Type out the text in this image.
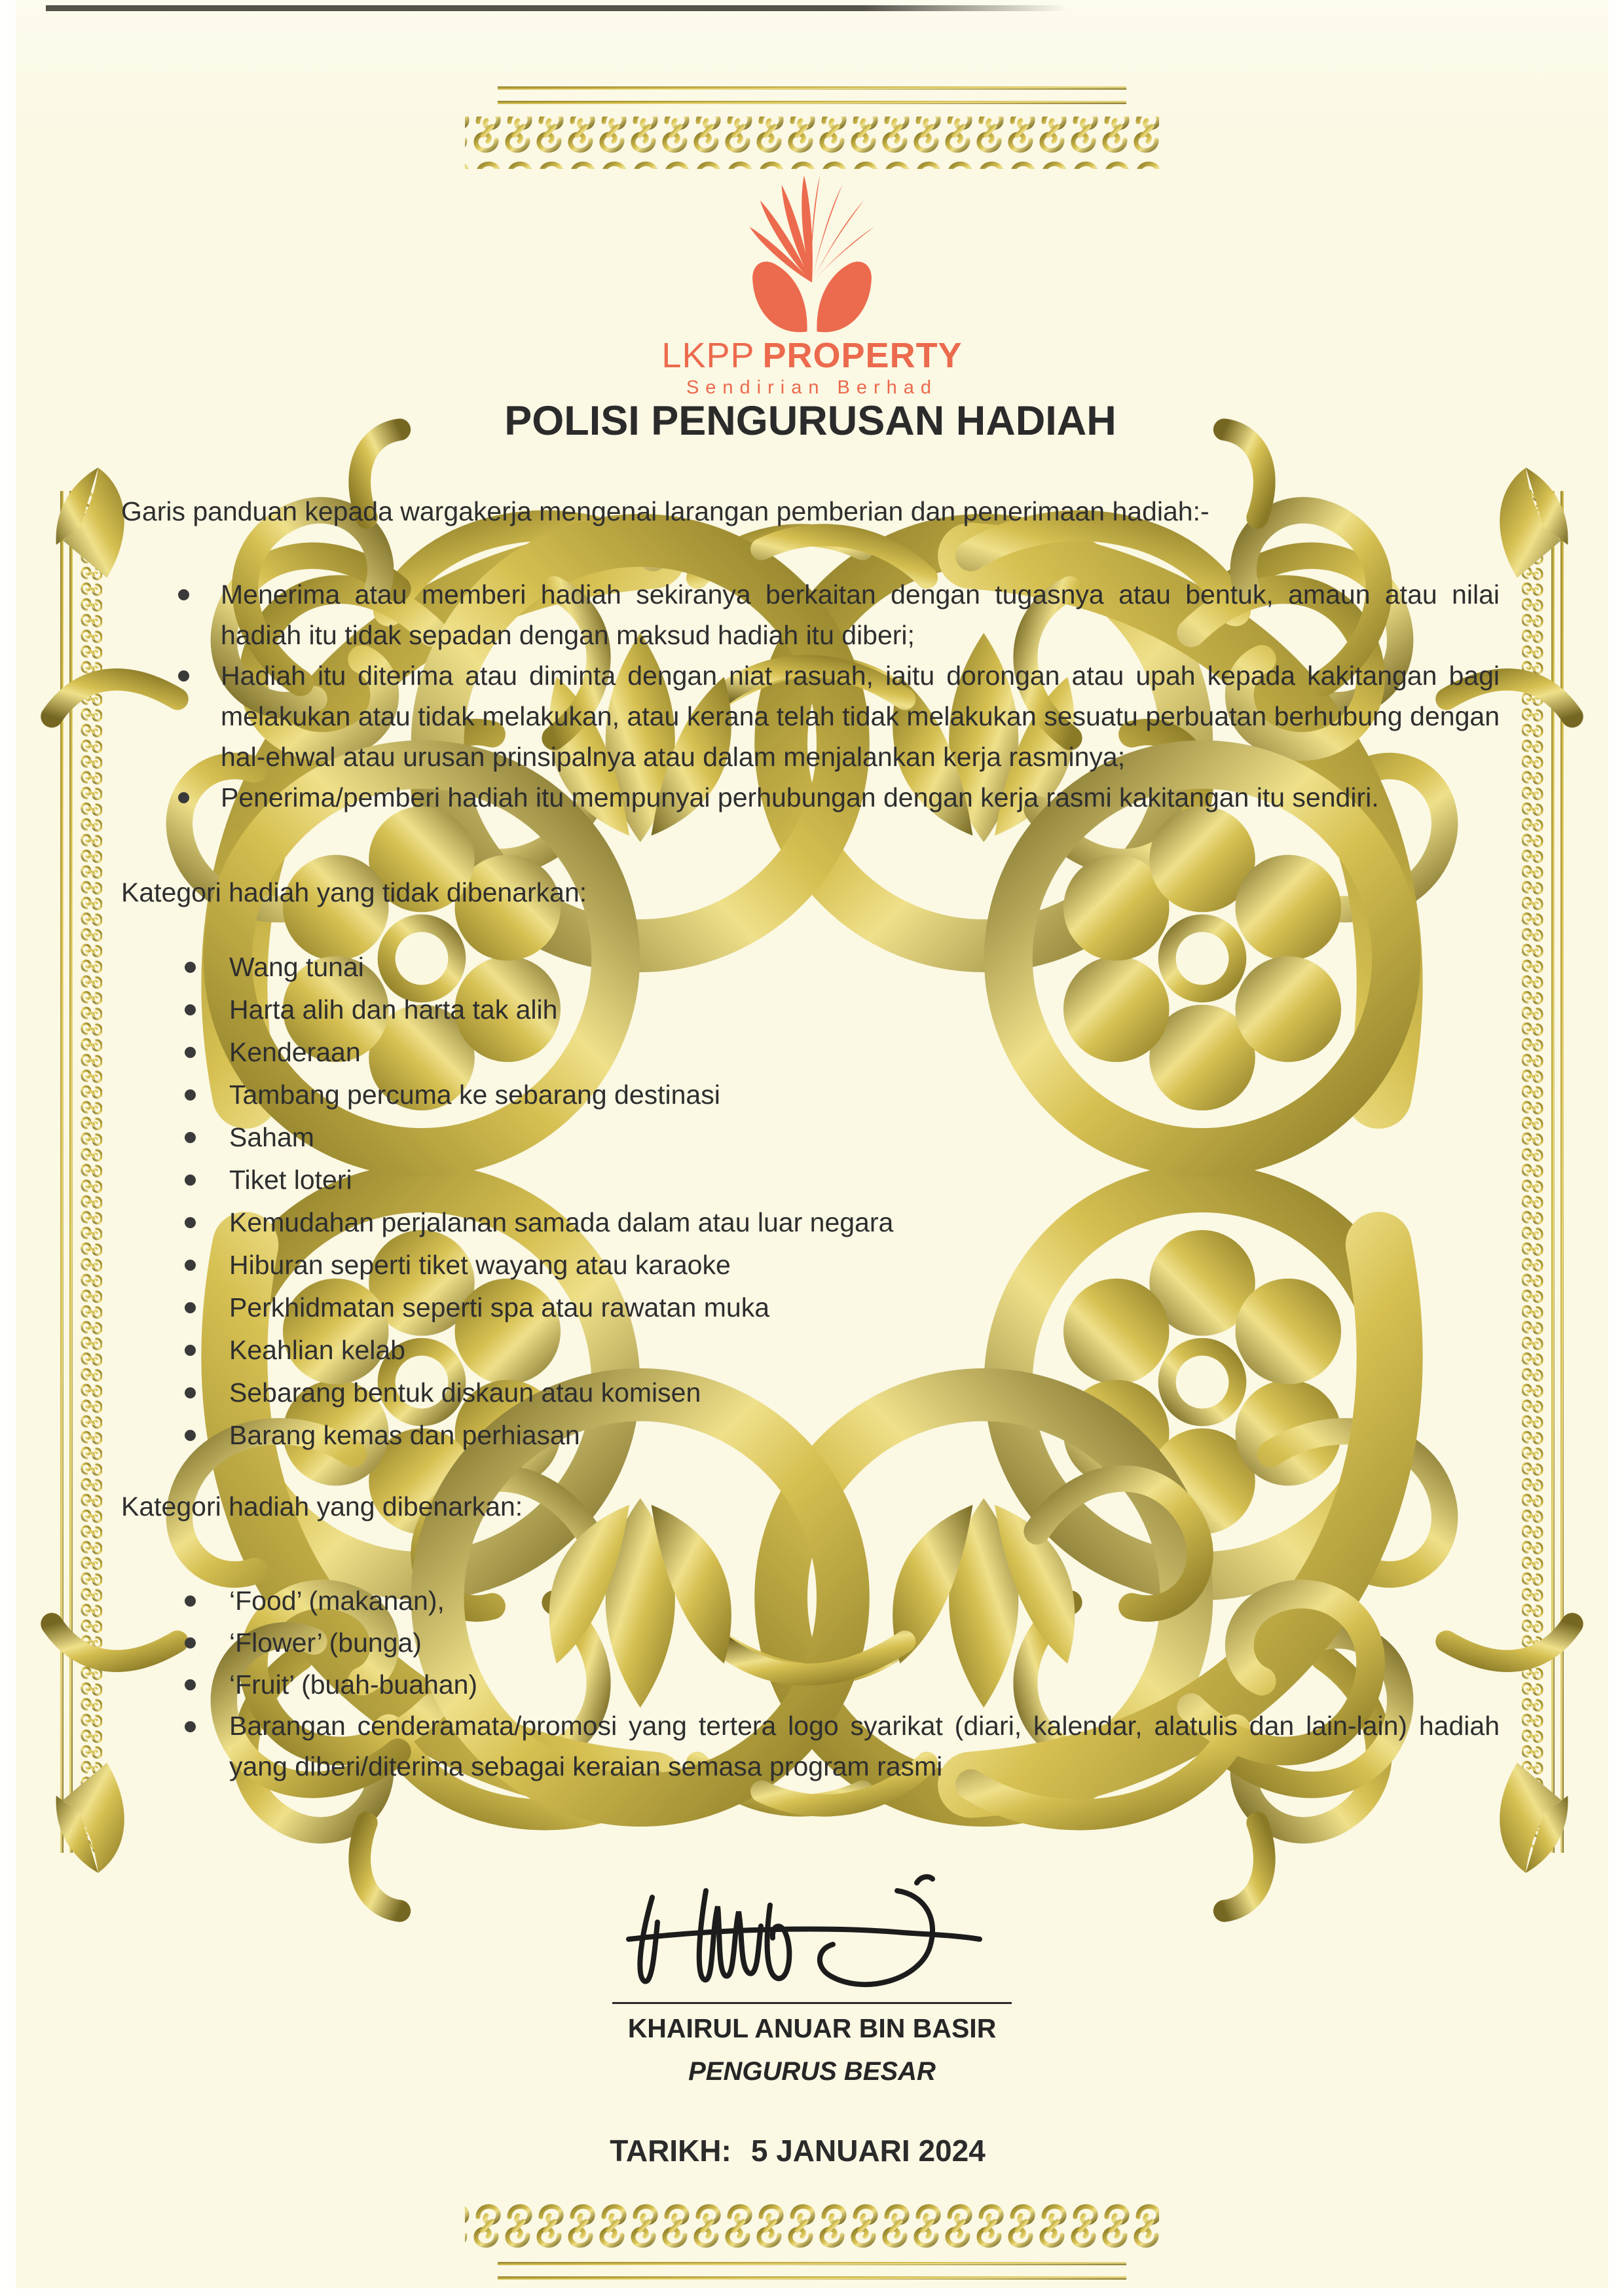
LKPP PROPERTY
Sendirian Berhad
POLISI PENGURUSAN HADIAH

Garis panduan kepada wargakerja mengenai larangan pemberian dan penerimaan hadiah:-

Menerima atau memberi hadiah sekiranya berkaitan dengan tugasnya atau bentuk, amaun atau nilai hadiah itu tidak sepadan dengan maksud hadiah itu diberi;
Hadiah itu diterima atau diminta dengan niat rasuah, iaitu dorongan atau upah kepada kakitangan bagi melakukan atau tidak melakukan, atau kerana telah tidak melakukan sesuatu perbuatan berhubung dengan hal-ehwal atau urusan prinsipalnya atau dalam menjalankan kerja rasminya;
Penerima/pemberi hadiah itu mempunyai perhubungan dengan kerja rasmi kakitangan itu sendiri.

Kategori hadiah yang tidak dibenarkan:

Wang tunai
Harta alih dan harta tak alih
Kenderaan
Tambang percuma ke sebarang destinasi
Saham
Tiket loteri
Kemudahan perjalanan samada dalam atau luar negara
Hiburan seperti tiket wayang atau karaoke
Perkhidmatan seperti spa atau rawatan muka
Keahlian kelab
Sebarang bentuk diskaun atau komisen
Barang kemas dan perhiasan

Kategori hadiah yang dibenarkan:

‘Food’ (makanan),
‘Flower’ (bunga)
‘Fruit’ (buah-buahan)
Barangan cenderamata/promosi yang tertera logo syarikat (diari, kalendar, alatulis dan lain-lain) hadiah yang diberi/diterima sebagai keraian semasa program rasmi
KHAIRUL ANUAR BIN BASIR
PENGURUS BESAR
TARIKH: 5 JANUARI 2024
